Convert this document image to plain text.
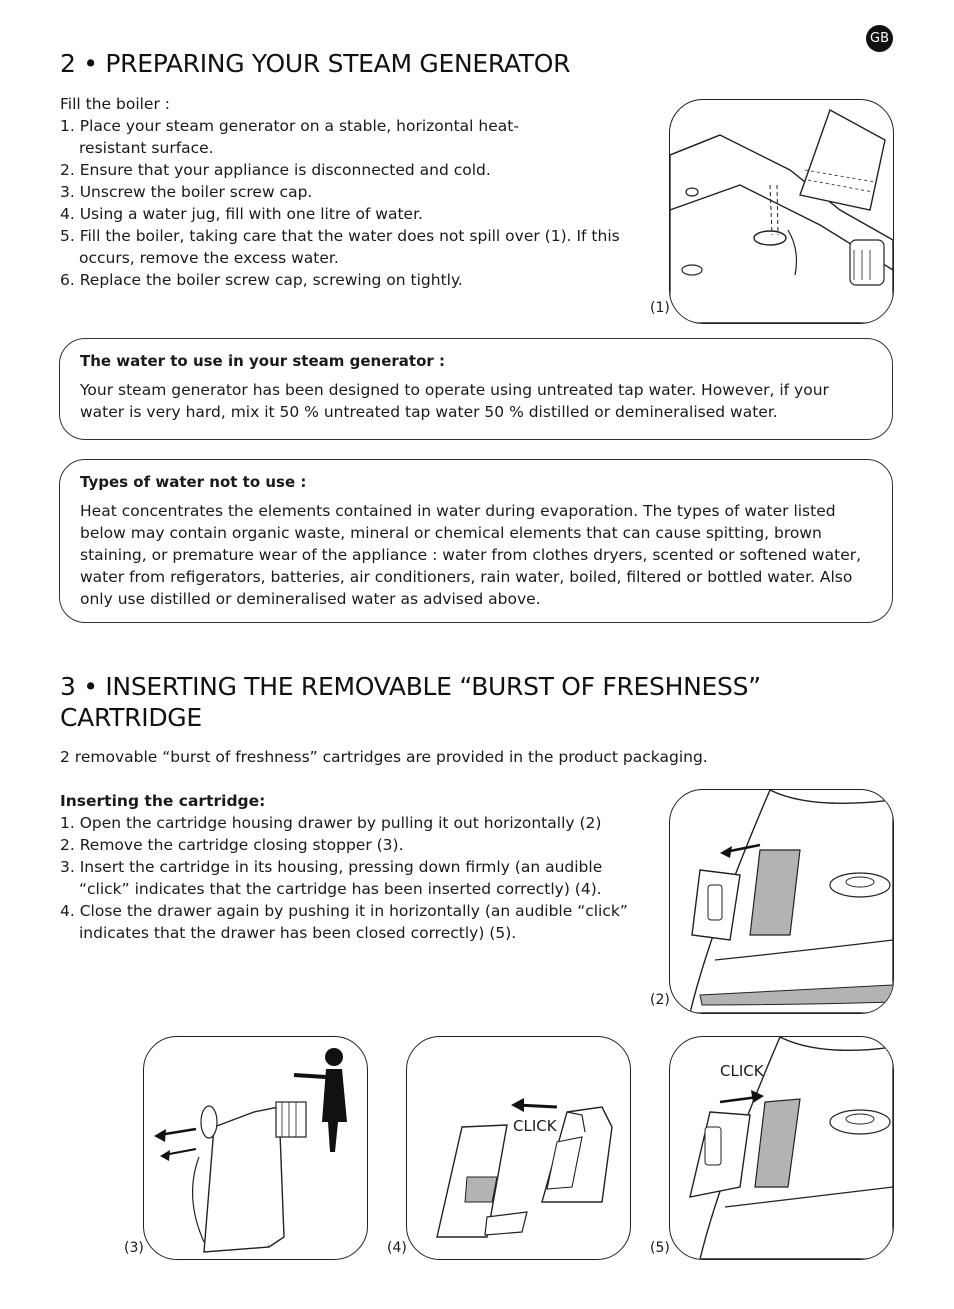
GB
2 • PREPARING YOUR STEAM GENERATOR
Fill the boiler :
1. Place your steam generator on a stable, horizontal heat-resistant surface.
2. Ensure that your appliance is disconnected and cold.
3. Unscrew the boiler screw cap.
4. Using a water jug, fill with one litre of water.
5. Fill the boiler, taking care that the water does not spill over (1). If this occurs, remove the excess water.
6. Replace the boiler screw cap, screwing on tightly.
(1)
The water to use in your steam generator :
Your steam generator has been designed to operate using untreated tap water. However, if your water is very hard, mix it 50 % untreated tap water 50 % distilled or demineralised water.
Types of water not to use :
Heat concentrates the elements contained in water during evaporation. The types of water listed below may contain organic waste, mineral or chemical elements that can cause spitting, brown staining, or premature wear of the appliance : water from clothes dryers, scented or softened water, water from refigerators, batteries, air conditioners, rain water, boiled, filtered or bottled water. Also only use distilled or demineralised water as advised above.
3 • INSERTING THE REMOVABLE “BURST OF FRESHNESS” CARTRIDGE
2 removable “burst of freshness” cartridges are provided in the product packaging.
Inserting the cartridge:
1. Open the cartridge housing drawer by pulling it out horizontally (2)
2. Remove the cartridge closing stopper (3).
3. Insert the cartridge in its housing, pressing down firmly (an audible “click” indicates that the cartridge has been inserted correctly) (4).
4. Close the drawer again by pushing it in horizontally (an audible “click” indicates that the drawer has been closed correctly) (5).
(2)
(3)	(4)
CLICK
(5)
CLICK
